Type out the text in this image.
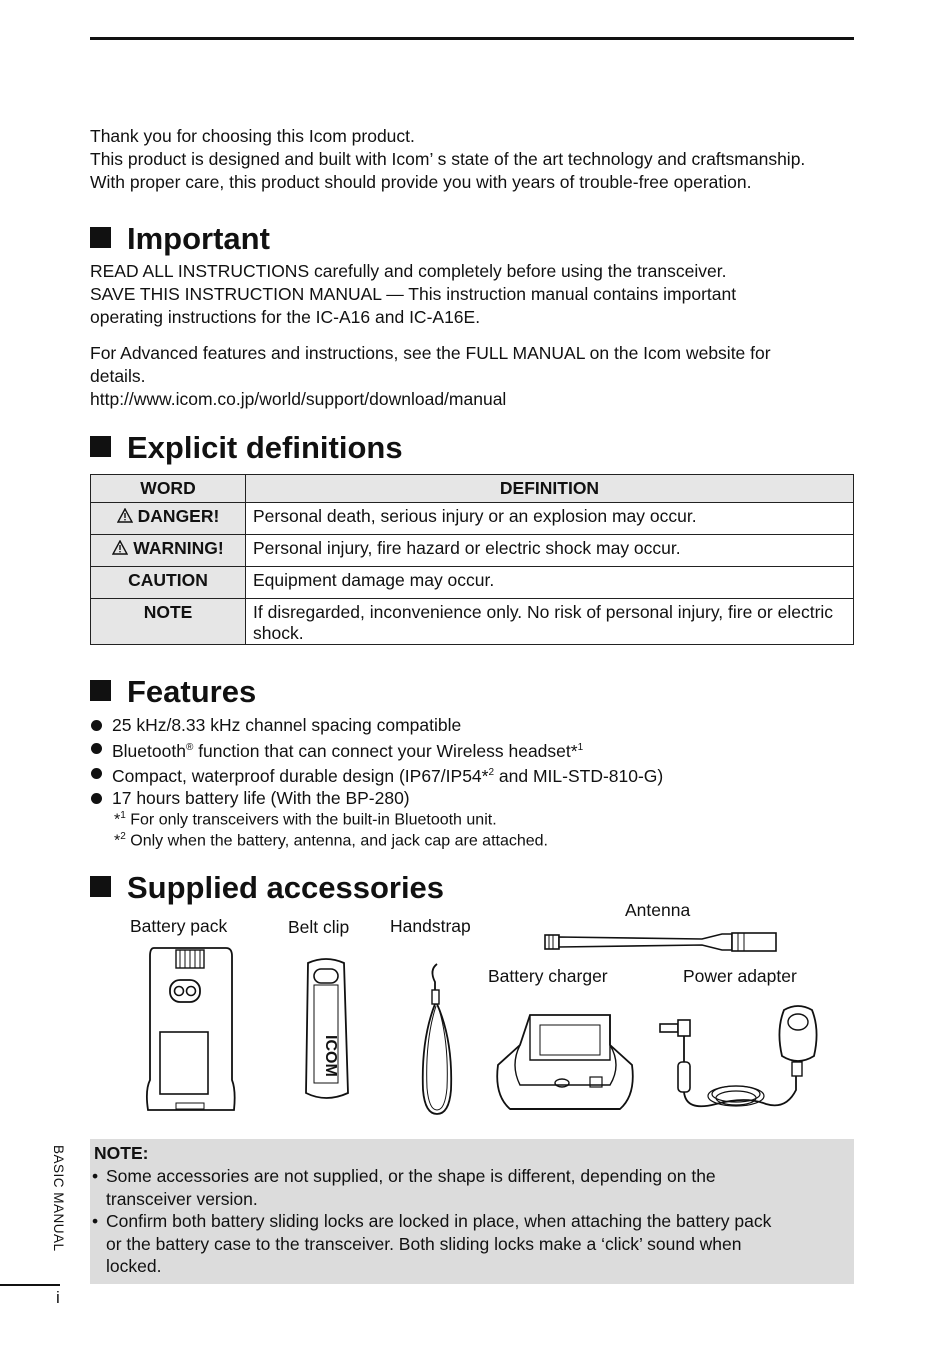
Thank you for choosing this Icom product.
This product is designed and built with Icom’ s state of the art technology and craftsmanship.
With proper care, this product should provide you with years of trouble-free operation.
Important
READ ALL INSTRUCTIONS carefully and completely before using the transceiver.
SAVE THIS INSTRUCTION MANUAL — This instruction manual contains important
operating instructions for the IC-A16 and IC-A16E.
For Advanced features and instructions, see the FULL MANUAL on the Icom website for
details.
http://www.icom.co.jp/world/support/download/manual
Explicit definitions
WORD	DEFINITION
DANGER!	Personal death, serious injury or an explosion may occur.
WARNING!	Personal injury, fire hazard or electric shock may occur.
CAUTION	Equipment damage may occur.
NOTE	If disregarded, inconvenience only. No risk of personal injury, fire or electric shock.
Features
25 kHz/8.33 kHz channel spacing compatible
Bluetooth® function that can connect your Wireless headset*$^1$
Compact, waterproof durable design (IP67/IP54*$^2$ and MIL-STD-810-G)
17 hours battery life (With the BP-280)
*$^1$ For only transceivers with the built-in Bluetooth unit.
*$^2$ Only when the battery, antenna, and jack cap are attached.
Supplied accessories
Battery pack	Belt clip Handstrap
Antenna
Battery charger	Power adapter
ICOM
NOTE:
• Some accessories are not supplied, or the shape is different, depending on the
transceiver version.
• Confirm both battery sliding locks are locked in place, when attaching the battery pack
or the battery case to the transceiver. Both sliding locks make a ‘click’ sound when
locked.
BASIC MANUAL
i
